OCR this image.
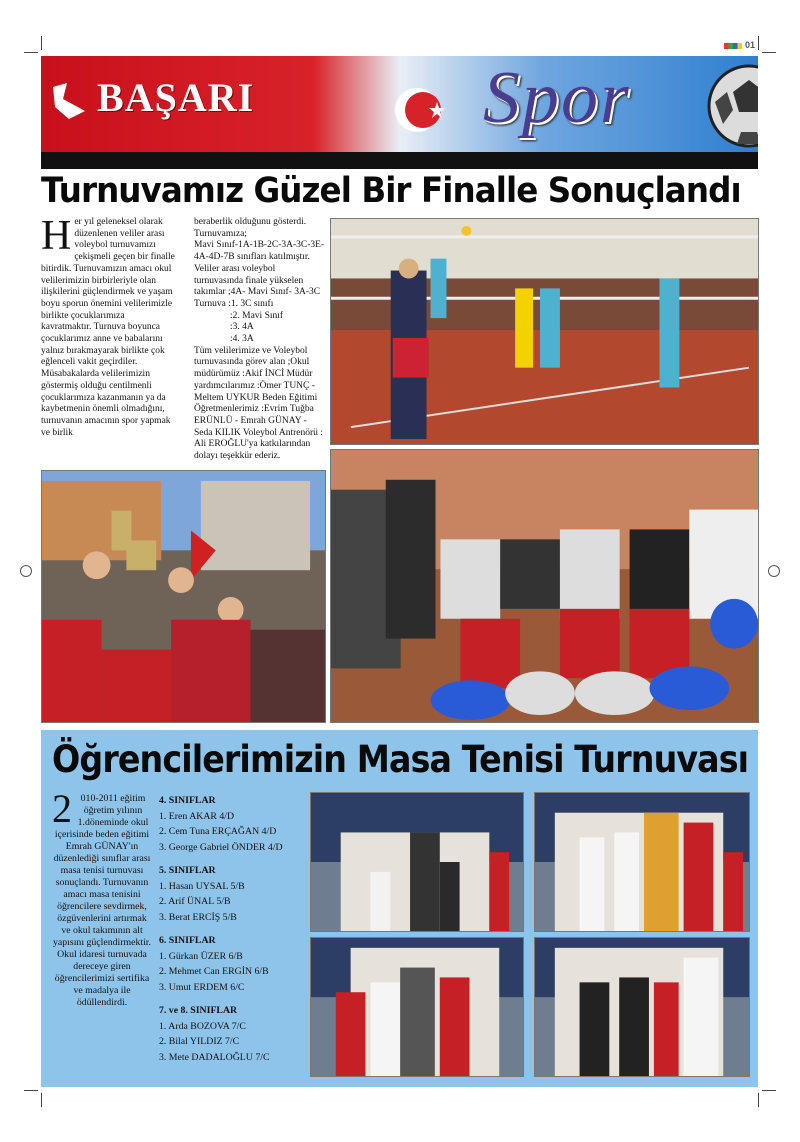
01
BAŞARI	Spor
Turnuvamız Güzel Bir Finalle Sonuçlandı
H er yıl geleneksel olarak düzenlenen veliler arası voleybol turnuvamızı çekişmeli geçen bir finalle bitirdik. Turnuvamızın amacı okul velilerimizin birbirleriyle olan ilişkilerini güçlendirmek ve yaşam boyu sporun önemini velilerimizle birlikte çocuklarımıza kavratmaktır. Turnuva boyunca çocuklarımız anne ve babalarını yalnız bırakmayarak birlikte çok eğlenceli vakit geçirdiler. Müsabakalarda velilerimizin göstermiş olduğu centilmenli çocuklarımıza kazanmanın ya da kaybetmenin önemli olmadığını, turnuvanın amacının spor yapmak ve birlik

beraberlik olduğunu gösterdi. Turnuvamıza;

Mavi Sınıf-1A-1B-2C-3A-3C-3E-4A-4D-7B sınıfları katılmıştır.

Veliler arası voleybol turnuvasında finale yükselen takımlar ;4A- Mavi Sınıf- 3A-3C

Turnuva :1. 3C sınıfı

:2. Mavi Sınıf

:3. 4A

:4. 3A

Tüm velilerimize ve Voleybol turnuvasında görev alan ;Okul müdürümüz :Akif İNCİ Müdür yardımcılarımız :Ömer TUNÇ - Meltem UYKUR Beden Eğitimi Öğretmenlerimiz :Evrim Tuğba ERÜNLÜ - Emrah GÜNAY - Seda KILIK Voleybol Antrenörü : Ali EROĞLU'ya katkılarından dolayı teşekkür ederiz.

Öğrencilerimizin Masa Tenisi Turnuvası
2 010-2011 eğitim öğretim yılının 1.döneminde okul içerisinde beden eğitimi Emrah GÜNAY'ın düzenlediği sınıflar arası masa tenisi turnuvası sonuçlandı. Turnuvanın amacı masa tenisini öğrencilere sevdirmek, özgüvenlerini artırmak ve okul takımının alt yapısını güçlendirmektir. Okul idaresi turnuvada dereceye giren öğrencilerimizi sertifika ve madalya ile ödüllendirdi.
4. SINIFLAR
1. Eren AKAR 4/D
2. Cem Tuna ERÇAĞAN 4/D
3. George Gabriel ÖNDER 4/D
5. SINIFLAR
1. Hasan UYSAL 5/B
2. Arif ÜNAL 5/B
3. Berat ERCİŞ 5/B
6. SINIFLAR
1. Gürkan ÜZER 6/B
2. Mehmet Can ERGİN 6/B
3. Umut ERDEM 6/C
7. ve 8. SINIFLAR
1. Arda BOZOVA 7/C
2. Bilal YILDIZ 7/C
3. Mete DADALOĞLU 7/C
